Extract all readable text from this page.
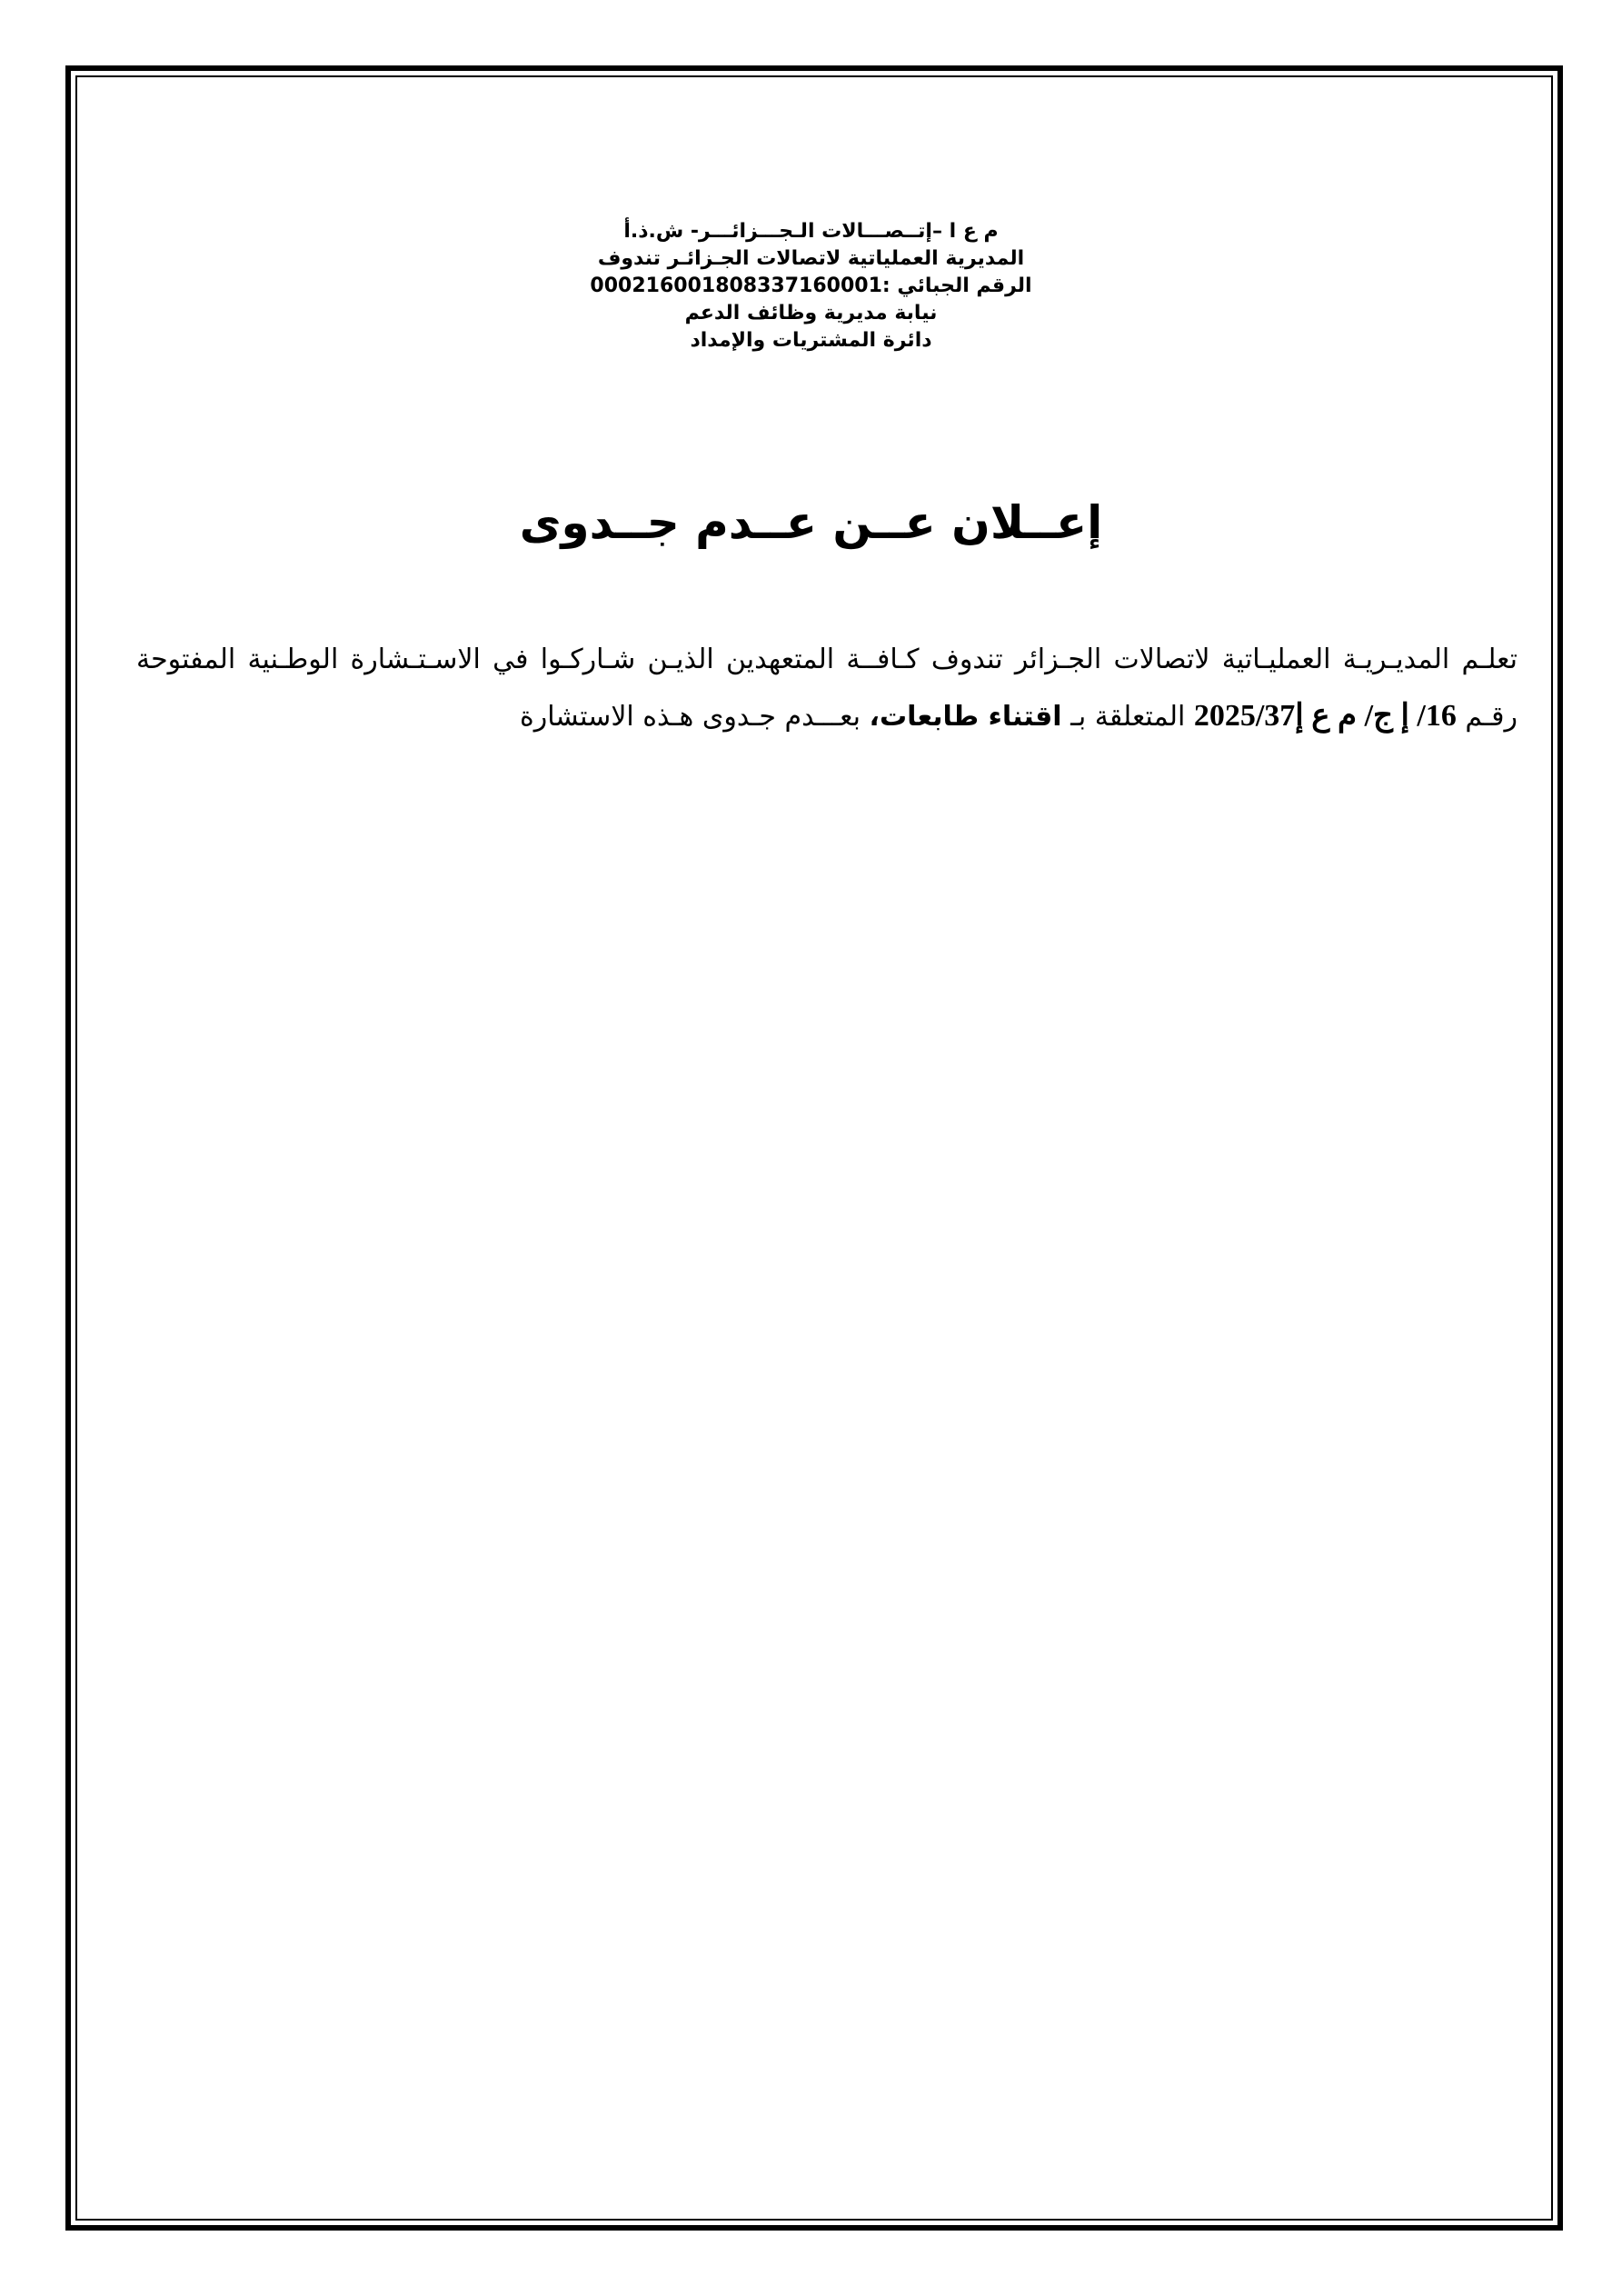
م ع ا –إتــصـــالات الـجـــزائـــر- ش.ذ.أ
المديرية العملياتية لاتصالات الجـزائـر تندوف
الرقم الجبائي :000216001808337160001
نيابة مديرية وظائف الدعم
دائرة المشتريات والإمداد
إعــلان عــن عــدم جــدوى
تعلـم المديـريـة العمليـاتية لاتصالات الجـزائر تندوف كـافــة المتعهدين الذيـن شـاركـوا في الاسـتـشارة الوطـنية المفتوحة رقـم 16/ إ ج/ م ع إ2025/37 المتعلقة بـ اقتناء طابعات، بعـــدم جـدوى هـذه الاستشارة
